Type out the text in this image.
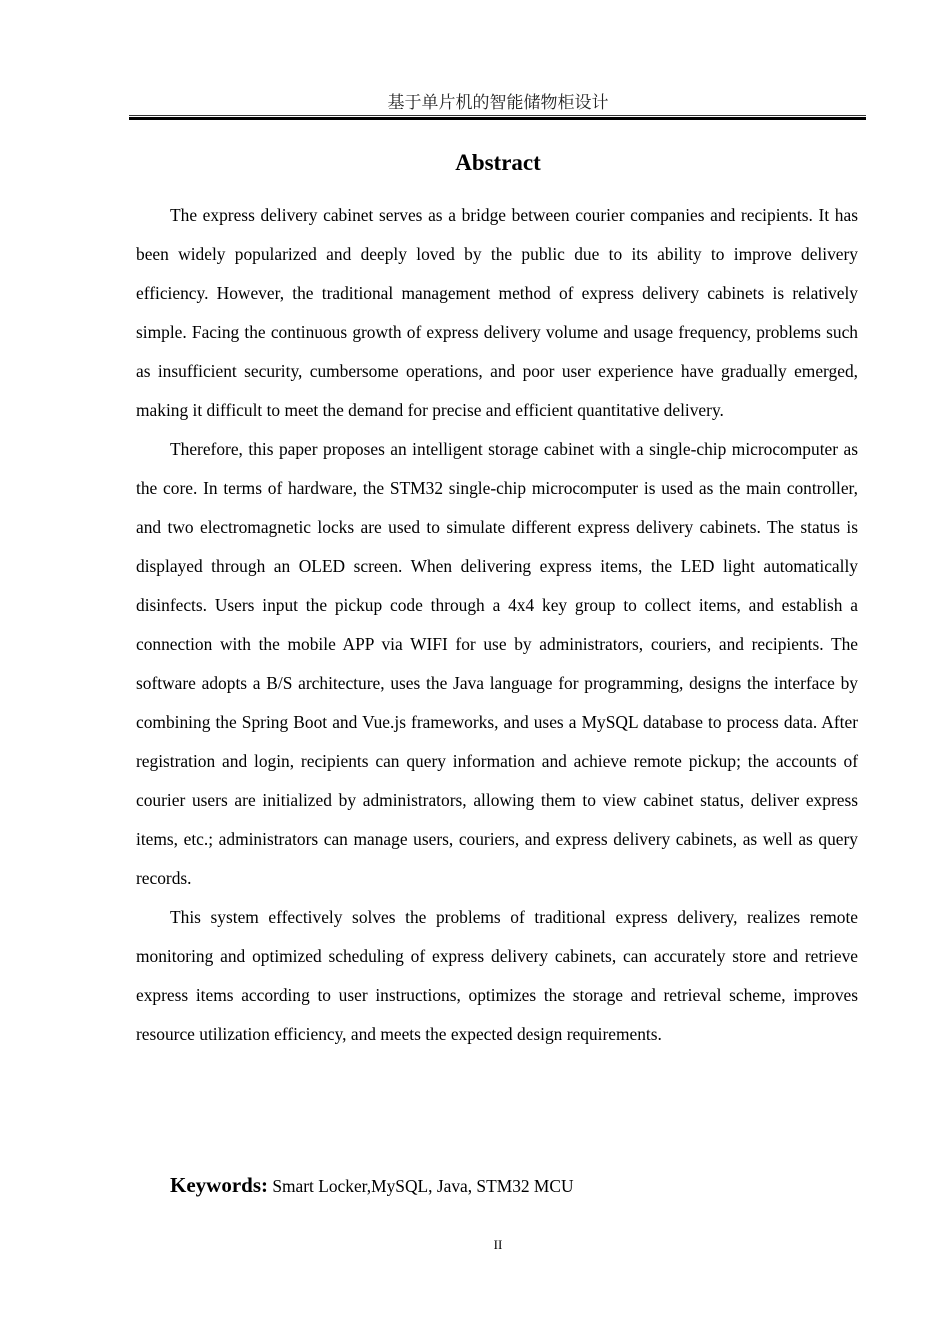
基于单片机的智能储物柜设计
Abstract

The express delivery cabinet serves as a bridge between courier companies and recipients. It has been widely popularized and deeply loved by the public due to its ability to improve delivery efficiency. However, the traditional management method of express delivery cabinets is relatively simple. Facing the continuous growth of express delivery volume and usage frequency, problems such as insufficient security, cumbersome operations, and poor user experience have gradually emerged, making it difficult to meet the demand for precise and efficient quantitative delivery.

Therefore, this paper proposes an intelligent storage cabinet with a single-chip microcomputer as the core. In terms of hardware, the STM32 single-chip microcomputer is used as the main controller, and two electromagnetic locks are used to simulate different express delivery cabinets. The status is displayed through an OLED screen. When delivering express items, the LED light automatically disinfects. Users input the pickup code through a 4x4 key group to collect items, and establish a connection with the mobile APP via WIFI for use by administrators, couriers, and recipients. The software adopts a B/S architecture, uses the Java language for programming, designs the interface by combining the Spring Boot and Vue.js frameworks, and uses a MySQL database to process data. After registration and login, recipients can query information and achieve remote pickup; the accounts of courier users are initialized by administrators, allowing them to view cabinet status, deliver express items, etc.; administrators can manage users, couriers, and express delivery cabinets, as well as query records.

This system effectively solves the problems of traditional express delivery, realizes remote monitoring and optimized scheduling of express delivery cabinets, can accurately store and retrieve express items according to user instructions, optimizes the storage and retrieval scheme, improves resource utilization efficiency, and meets the expected design requirements.

Keywords: Smart Locker,MySQL, Java, STM32 MCU
II
